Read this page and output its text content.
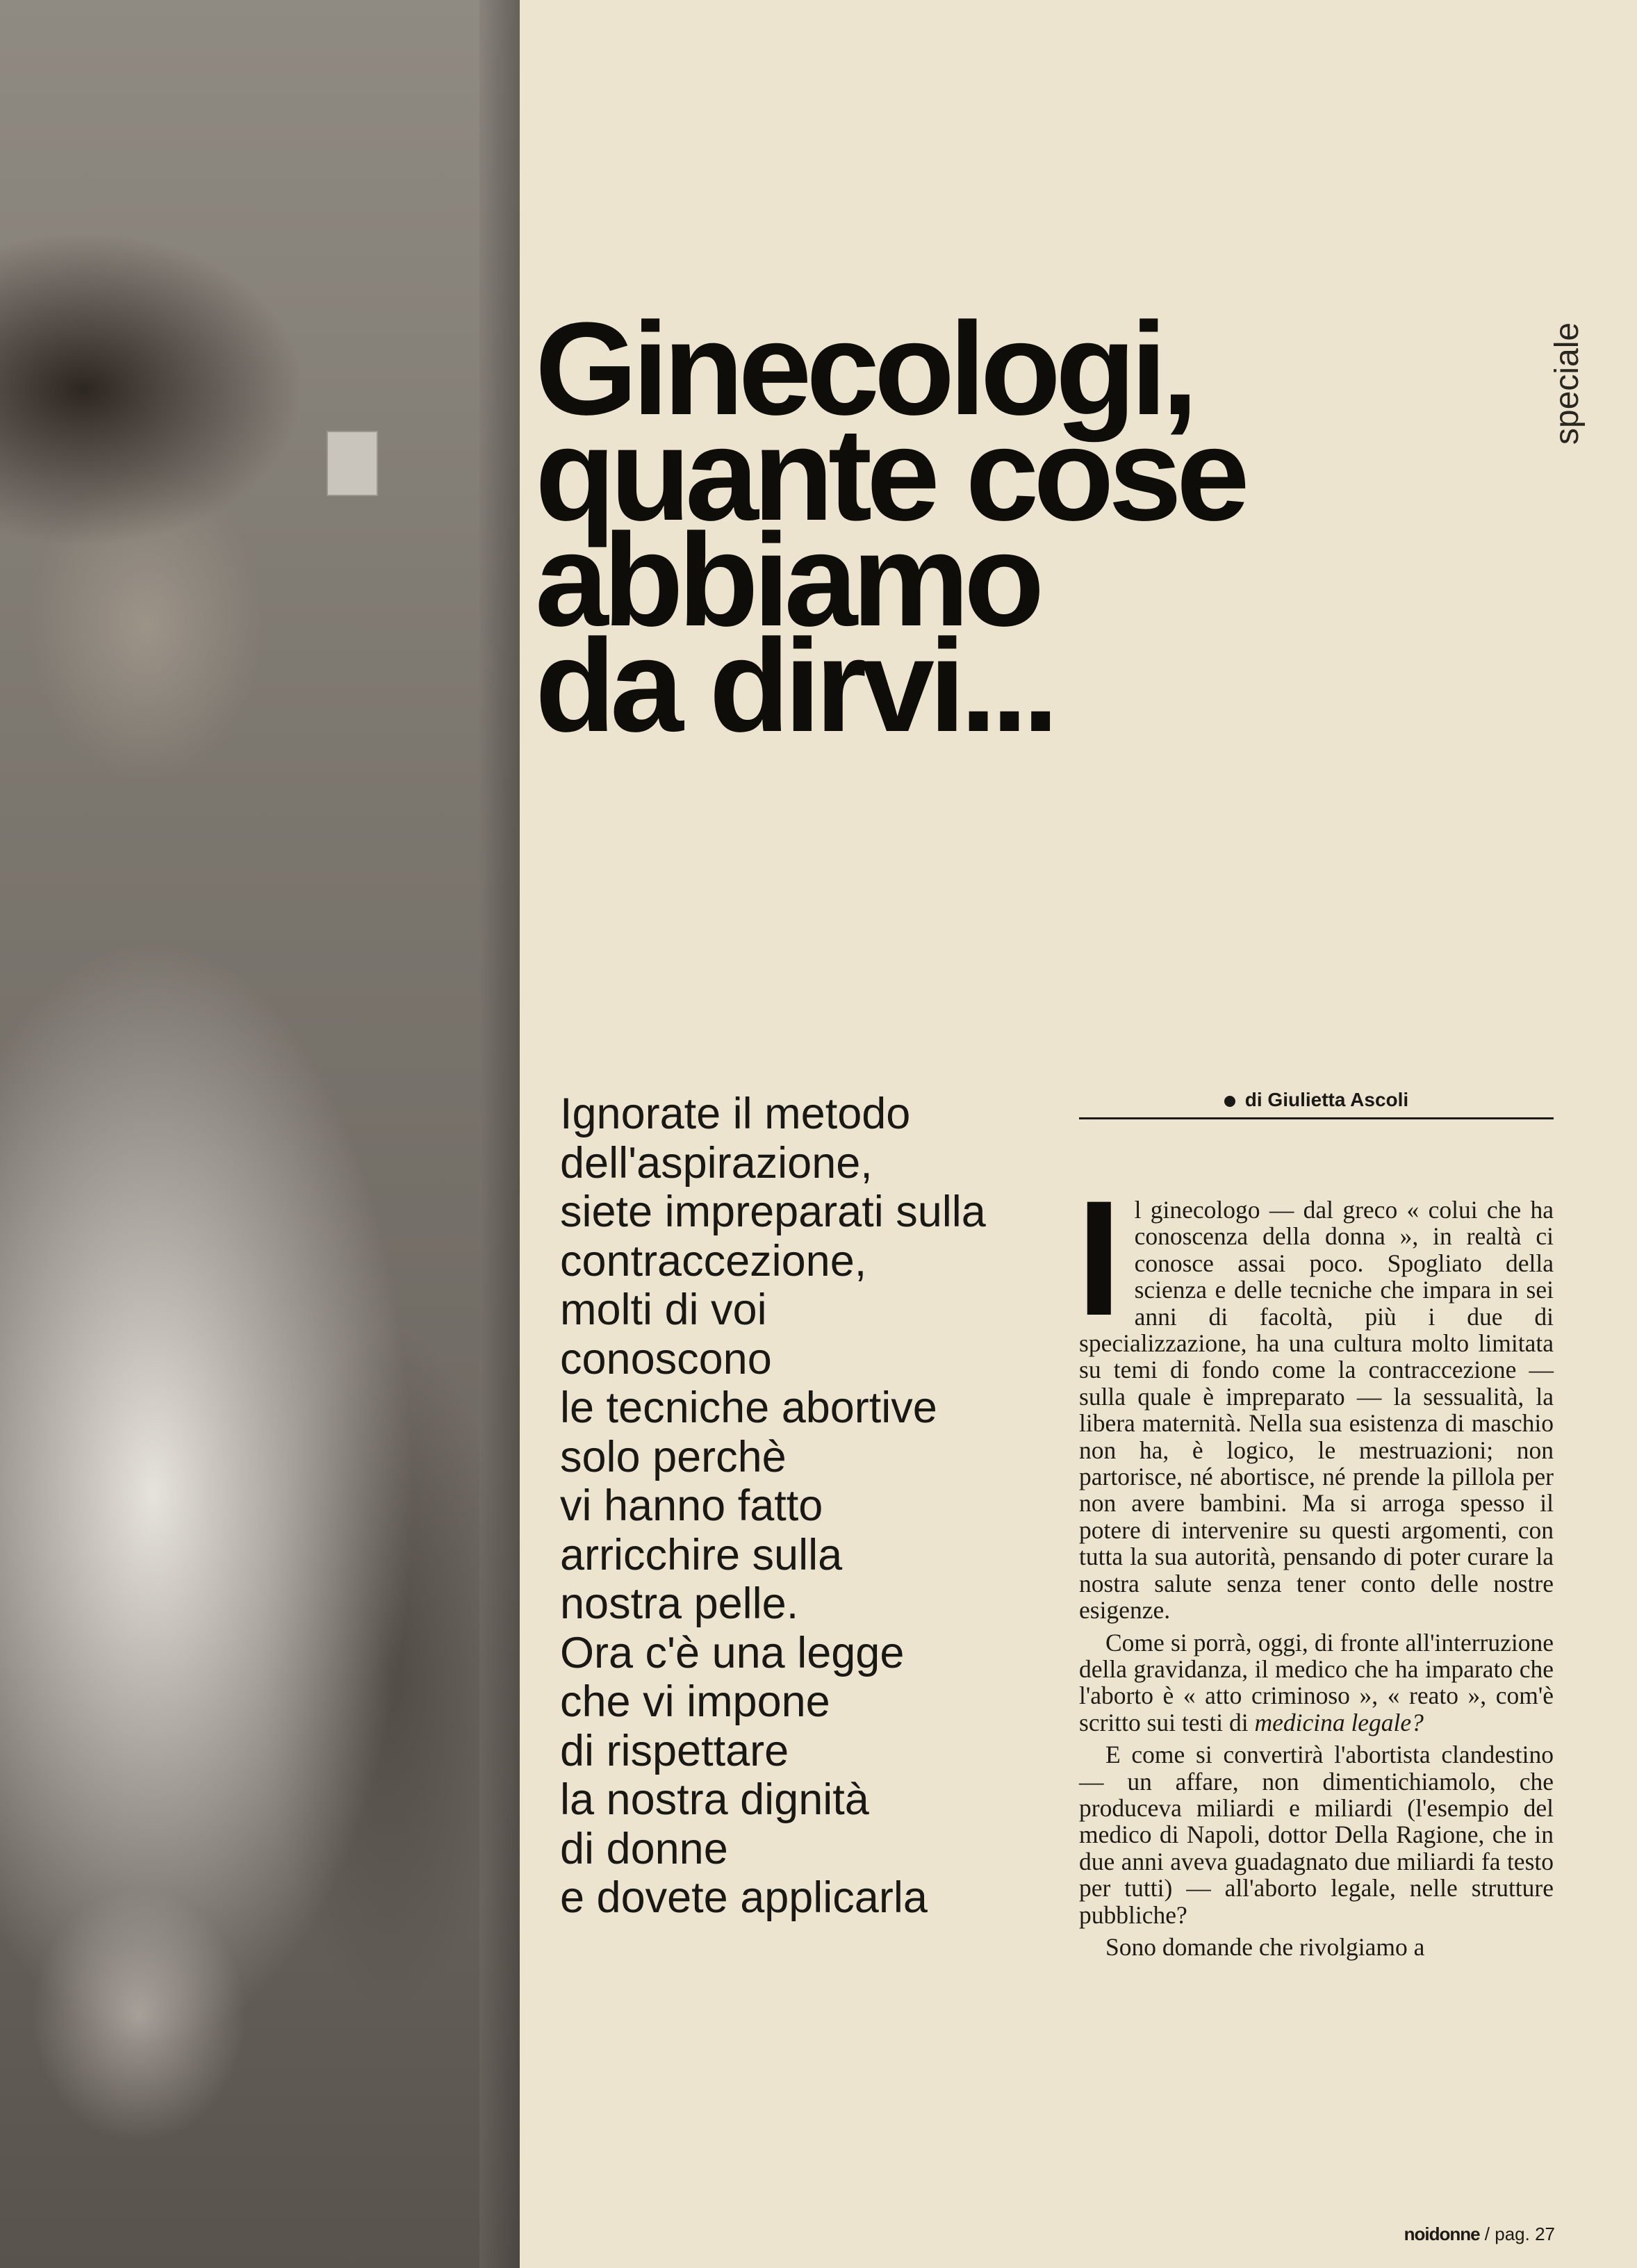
speciale
Ginecologi,
quante cose
abbiamo
da dirvi...
Ignorate il metodo
dell'aspirazione,
siete impreparati sulla
contraccezione,
molti di voi
conoscono
le tecniche abortive
solo perchè
vi hanno fatto
arricchire sulla
nostra pelle.
Ora c'è una legge
che vi impone
di rispettare
la nostra dignità
di donne
e dovete applicarla
di Giulietta Ascoli

Il ginecologo — dal greco « colui che ha conoscenza della donna », in realtà ci conosce assai poco. Spogliato della scienza e delle tecniche che impara in sei anni di facoltà, più i due di specializzazione, ha una cultura molto limitata su temi di fondo come la contraccezione — sulla quale è impreparato — la sessualità, la libera maternità. Nella sua esistenza di maschio non ha, è logico, le mestruazioni; non partorisce, né abortisce, né prende la pillola per non avere bambini. Ma si arroga spesso il potere di intervenire su questi argomenti, con tutta la sua autorità, pensando di poter curare la nostra salute senza tener conto delle nostre esigenze.

Come si porrà, oggi, di fronte all'interruzione della gravidanza, il medico che ha imparato che l'aborto è « atto criminoso », « reato », com'è scritto sui testi di medicina legale?

E come si convertirà l'abortista clandestino — un affare, non dimentichiamolo, che produceva miliardi e miliardi (l'esempio del medico di Napoli, dottor Della Ragione, che in due anni aveva guadagnato due miliardi fa testo per tutti) — all'aborto legale, nelle strutture pubbliche?

Sono domande che rivolgiamo a

noidonne / pag. 27
